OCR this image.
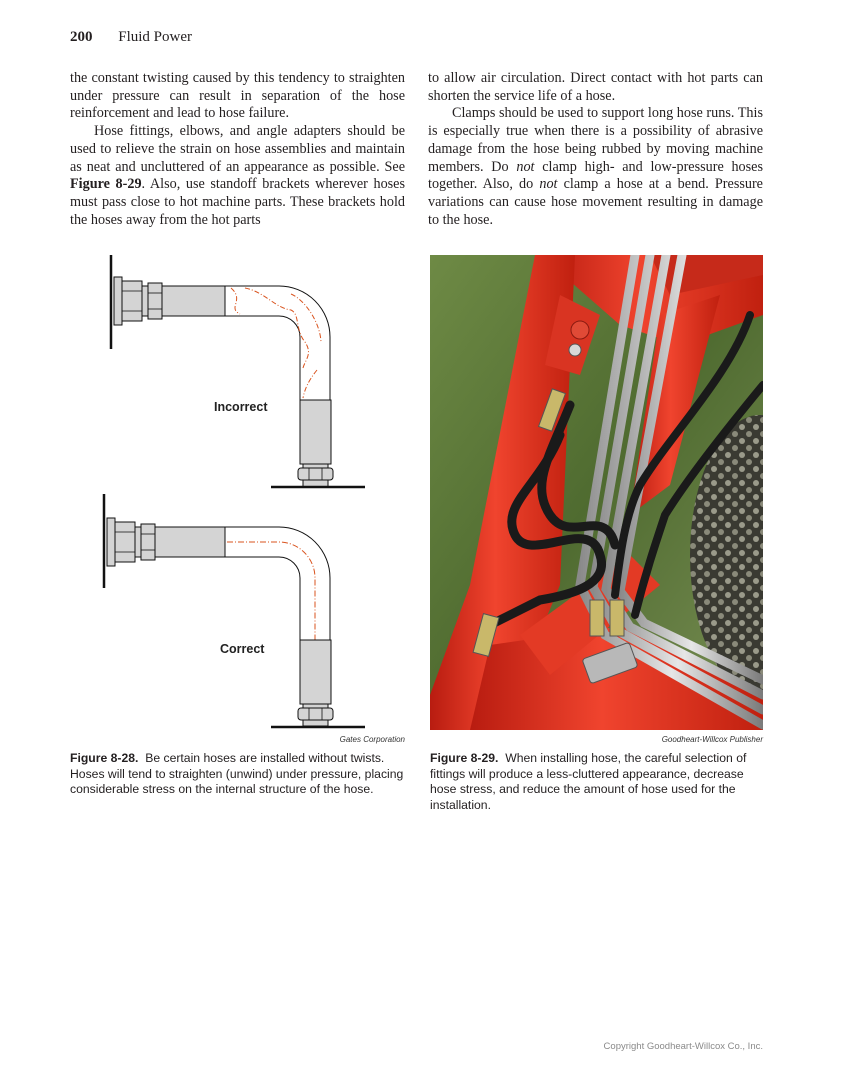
200 Fluid Power

the constant twisting caused by this tendency to straighten under pressure can result in separation of the hose reinforcement and lead to hose failure.

Hose fittings, elbows, and angle adapters should be used to relieve the strain on hose assemblies and maintain as neat and uncluttered of an appearance as possible. See Figure 8-29. Also, use standoff brackets wherever hoses must pass close to hot machine parts. These brackets hold the hoses away from the hot parts

to allow air circulation. Direct contact with hot parts can shorten the service life of a hose.

Clamps should be used to support long hose runs. This is especially true when there is a possibility of abrasive damage from the hose being rubbed by moving machine members. Do not clamp high- and low-pressure hoses together. Also, do not clamp a hose at a bend. Pressure variations can cause hose movement resulting in damage to the hose.

Incorrect
Correct
Gates Corporation	Goodheart-Willcox Publisher
Figure 8-28. Be certain hoses are installed without twists. Hoses will tend to straighten (unwind) under pressure, placing considerable stress on the internal structure of the hose.
Figure 8-29. When installing hose, the careful selection of fittings will produce a less-cluttered appearance, decrease hose stress, and reduce the amount of hose used for the installation.
Copyright Goodheart-Willcox Co., Inc.
